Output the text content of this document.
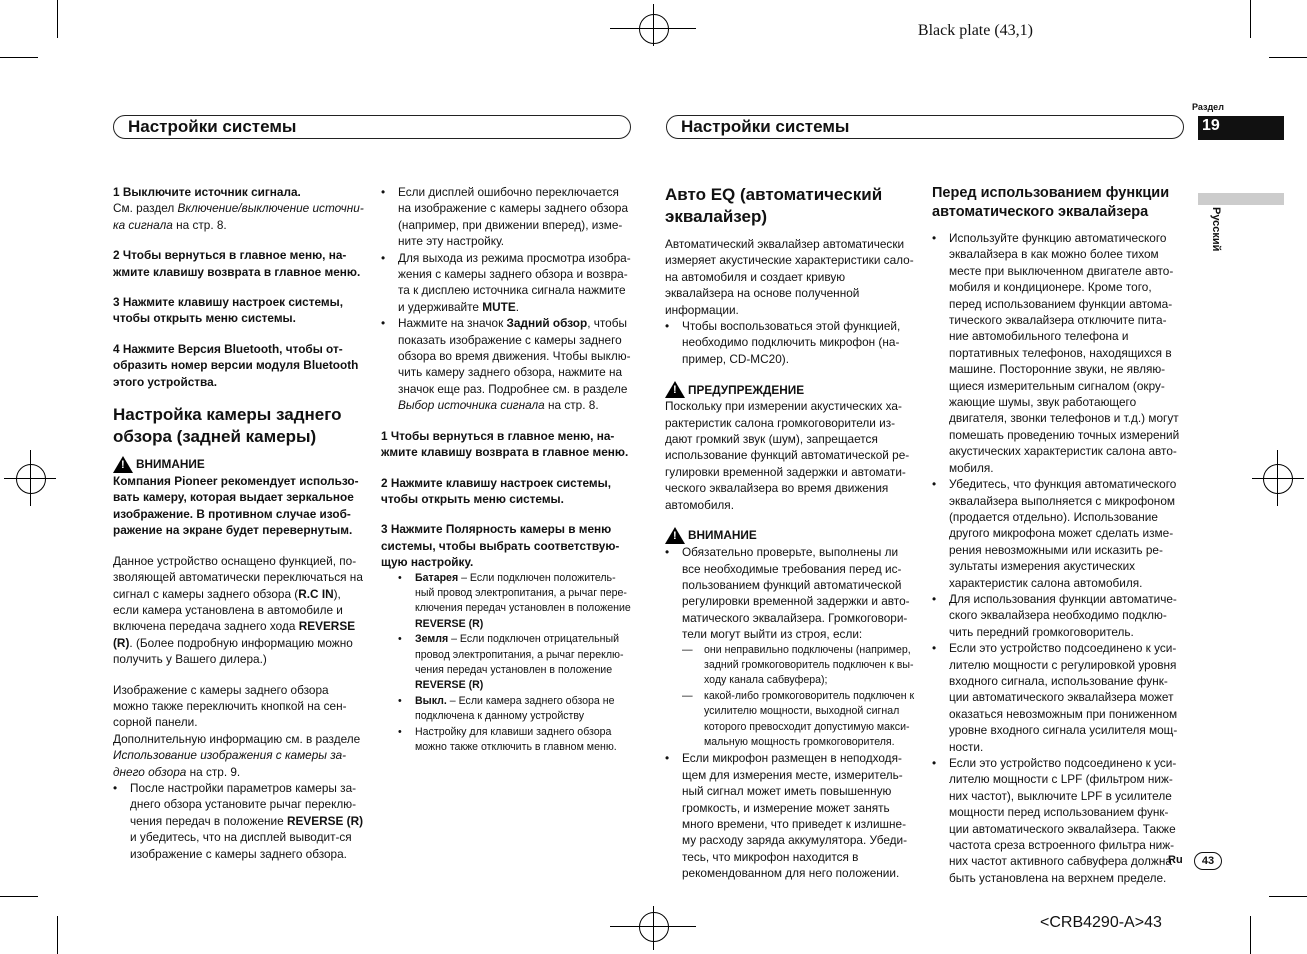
Black plate (43,1)
Настройки системы	Настройки системы
Раздел
19
Русский

1 Выключите источник сигнала.

См. раздел Включение/выключение источни-ка сигнала на стр. 8.

2 Чтобы вернуться в главное меню, на-жмите клавишу возврата в главное меню.

3 Нажмите клавишу настроек системы, чтобы открыть меню системы.

4 Нажмите Версия Bluetooth, чтобы от-образить номер версии модуля Bluetooth этого устройства.

Настройка камеры заднего обзора (задней камеры)

!
ВНИМАНИЕ

Компания Pioneer рекомендует использо-вать камеру, которая выдает зеркальное изображение. В противном случае изоб-ражение на экране будет перевернутым.

Данное устройство оснащено функцией, по-зволяющей автоматически переключаться на сигнал с камеры заднего обзора (R.C IN), если камера установлена в автомобиле и включена передача заднего хода REVERSE (R). (Более подробную информацию можно получить у Вашего дилера.)

Изображение с камеры заднего обзора можно также переключить кнопкой на сен-сорной панели.

Дополнительную информацию см. в разделе Использование изображения с камеры за-днего обзора на стр. 9.

• После настройки параметров камеры за-днего обзора установите рычаг переклю-чения передач в положение REVERSE (R) и убедитесь, что на дисплей выводит-ся изображение с камеры заднего обзора.
• Если дисплей ошибочно переключается на изображение с камеры заднего обзора (например, при движении вперед), изме-ните эту настройку.
• Для выхода из режима просмотра изобра-жения с камеры заднего обзора и возвра-та к дисплею источника сигнала нажмите и удерживайте MUTE.
• Нажмите на значок Задний обзор, чтобы показать изображение с камеры заднего обзора во время движения. Чтобы выклю-чить камеру заднего обзора, нажмите на значок еще раз. Подробнее см. в разделе Выбор источника сигнала на стр. 8.

1 Чтобы вернуться в главное меню, на-жмите клавишу возврата в главное меню.

2 Нажмите клавишу настроек системы, чтобы открыть меню системы.

3 Нажмите Полярность камеры в меню системы, чтобы выбрать соответствую-щую настройку.

• Батарея – Если подключен положитель-ный провод электропитания, а рычаг пере-ключения передач установлен в положение REVERSE (R)
• Земля – Если подключен отрицательный провод электропитания, а рычаг переклю-чения передач установлен в положение REVERSE (R)
• Выкл. – Если камера заднего обзора не подключена к данному устройству
• Настройку для клавиши заднего обзора можно также отключить в главном меню.

Авто EQ (автоматический эквалайзер)

Автоматический эквалайзер автоматически измеряет акустические характеристики сало-на автомобиля и создает кривую эквалайзера на основе полученной информации.

• Чтобы воспользоваться этой функцией, необходимо подключить микрофон (на-пример, CD-MC20).

!
ПРЕДУПРЕЖДЕНИЕ

Поскольку при измерении акустических ха-рактеристик салона громкоговорители из-дают громкий звук (шум), запрещается использование функций автоматической ре-гулировки временной задержки и автомати-ческого эквалайзера во время движения автомобиля.

!
ВНИМАНИЕ

• Обязательно проверьте, выполнены ли все необходимые требования перед ис-пользованием функций автоматической регулировки временной задержки и авто-матического эквалайзера. Громкоговори-тели могут выйти из строя, если:
— они неправильно подключены (например, задний громкоговоритель подключен к вы-ходу канала сабвуфера);
— какой-либо громкоговоритель подключен к усилителю мощности, выходной сигнал которого превосходит допустимую макси-мальную мощность громкоговорителя.
• Если микрофон размещен в неподходя-щем для измерения месте, измеритель-ный сигнал может иметь повышенную громкость, и измерение может занять много времени, что приведет к излишне-му расходу заряда аккумулятора. Убеди-тесь, что микрофон находится в рекомендованном для него положении.

Перед использованием функции автоматического эквалайзера

• Используйте функцию автоматического эквалайзера в как можно более тихом месте при выключенном двигателе авто-мобиля и кондиционере. Кроме того, перед использованием функции автома-тического эквалайзера отключите пита-ние автомобильного телефона и портативных телефонов, находящихся в машине. Посторонние звуки, не являю-щиеся измерительным сигналом (окру-жающие шумы, звук работающего двигателя, звонки телефонов и т.д.) могут помешать проведению точных измерений акустических характеристик салона авто-мобиля.
• Убедитесь, что функция автоматического эквалайзера выполняется с микрофоном (продается отдельно). Использование другого микрофона может сделать изме-рения невозможными или исказить ре-зультаты измерения акустических характеристик салона автомобиля.
• Для использования функции автоматиче-ского эквалайзера необходимо подклю-чить передний громкоговоритель.
• Если это устройство подсоединено к уси-лителю мощности с регулировкой уровня входного сигнала, использование функ-ции автоматического эквалайзера может оказаться невозможным при пониженном уровне входного сигнала усилителя мощ-ности.
• Если это устройство подсоединено к уси-лителю мощности с LPF (фильтром ниж-них частот), выключите LPF в усилителе мощности перед использованием функ-ции автоматического эквалайзера. Также частота среза встроенного фильтра ниж-них частот активного сабвуфера должна быть установлена на верхнем пределе.
Ru	43
<CRB4290-A>43
